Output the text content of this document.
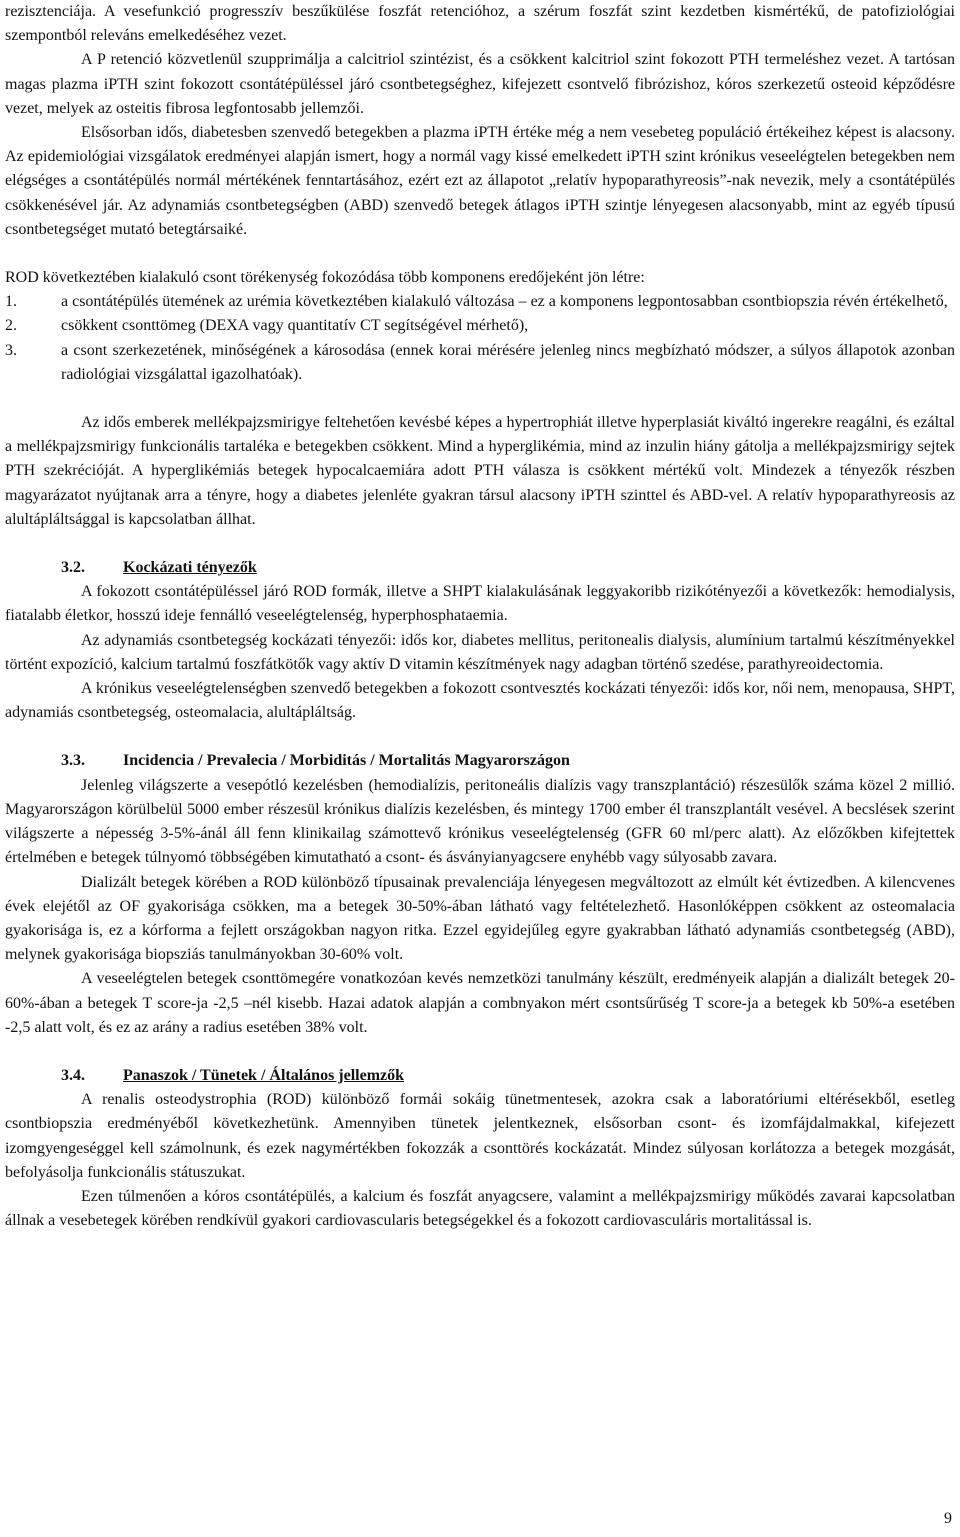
rezisztenciája. A vesefunkció progresszív beszűkülése foszfát retencióhoz, a szérum foszfát szint kezdetben kismértékű, de patofiziológiai szempontból releváns emelkedéséhez vezet.

A P retenció közvetlenül szupprimálja a calcitriol szintézist, és a csökkent kalcitriol szint fokozott PTH termeléshez vezet. A tartósan magas plazma iPTH szint fokozott csontátépüléssel járó csontbetegséghez, kifejezett csontvelő fibrózishoz, kóros szerkezetű osteoid képződésre vezet, melyek az osteitis fibrosa legfontosabb jellemzői.

Elsősorban idős, diabetesben szenvedő betegekben a plazma iPTH értéke még a nem vesebeteg populáció értékeihez képest is alacsony. Az epidemiológiai vizsgálatok eredményei alapján ismert, hogy a normál vagy kissé emelkedett iPTH szint krónikus veseelégtelen betegekben nem elégséges a csontátépülés normál mértékének fenntartásához, ezért ezt az állapotot „relatív hypoparathyreosis”-nak nevezik, mely a csontátépülés csökkenésével jár. Az adynamiás csontbetegségben (ABD) szenvedő betegek átlagos iPTH szintje lényegesen alacsonyabb, mint az egyéb típusú csontbetegséget mutató betegtársaiké.

ROD következtében kialakuló csont törékenység fokozódása több komponens eredőjeként jön létre:

1.	a csontátépülés ütemének az urémia következtében kialakuló változása – ez a komponens legpontosabban csontbiopszia révén értékelhető,
2.	csökkent csonttömeg (DEXA vagy quantitatív CT segítségével mérhető),
3.	a csont szerkezetének, minőségének a károsodása (ennek korai mérésére jelenleg nincs megbízható módszer, a súlyos állapotok azonban radiológiai vizsgálattal igazolhatóak).

Az idős emberek mellékpajzsmirigye feltehetően kevésbé képes a hypertrophiát illetve hyperplasiát kiváltó ingerekre reagálni, és ezáltal a mellékpajzsmirigy funkcionális tartaléka e betegekben csökkent. Mind a hyperglikémia, mind az inzulin hiány gátolja a mellékpajzsmirigy sejtek PTH szekrécióját. A hyperglikémiás betegek hypocalcaemiára adott PTH válasza is csökkent mértékű volt. Mindezek a tényezők részben magyarázatot nyújtanak arra a tényre, hogy a diabetes jelenléte gyakran társul alacsony iPTH szinttel és ABD-vel. A relatív hypoparathyreosis az alultápláltsággal is kapcsolatban állhat.

3.2. Kockázati tényezők

A fokozott csontátépüléssel járó ROD formák, illetve a SHPT kialakulásának leggyakoribb rizikótényezői a következők: hemodialysis, fiatalabb életkor, hosszú ideje fennálló veseelégtelenség, hyperphosphataemia.

Az adynamiás csontbetegség kockázati tényezői: idős kor, diabetes mellitus, peritonealis dialysis, alumínium tartalmú készítményekkel történt expozíció, kalcium tartalmú foszfátkötők vagy aktív D vitamin készítmények nagy adagban történő szedése, parathyreoidectomia.

A krónikus veseelégtelenségben szenvedő betegekben a fokozott csontvesztés kockázati tényezői: idős kor, női nem, menopausa, SHPT, adynamiás csontbetegség, osteomalacia, alultápláltság.

3.3. Incidencia / Prevalecia / Morbiditás / Mortalitás Magyarországon

Jelenleg világszerte a vesepótló kezelésben (hemodialízis, peritoneális dialízis vagy transzplantáció) részesülők száma közel 2 millió. Magyarországon körülbelül 5000 ember részesül krónikus dialízis kezelésben, és mintegy 1700 ember él transzplantált vesével. A becslések szerint világszerte a népesség 3-5%-ánál áll fenn klinikailag számottevő krónikus veseelégtelenség (GFR 60 ml/perc alatt). Az előzőkben kifejtettek értelmében e betegek túlnyomó többségében kimutatható a csont- és ásványianyagcsere enyhébb vagy súlyosabb zavara.

Dializált betegek körében a ROD különböző típusainak prevalenciája lényegesen megváltozott az elmúlt két évtizedben. A kilencvenes évek elejétől az OF gyakorisága csökken, ma a betegek 30-50%-ában látható vagy feltételezhető. Hasonlóképpen csökkent az osteomalacia gyakorisága is, ez a kórforma a fejlett országokban nagyon ritka. Ezzel egyidejűleg egyre gyakrabban látható adynamiás csontbetegség (ABD), melynek gyakorisága biopsziás tanulmányokban 30-60% volt.

A veseelégtelen betegek csonttömegére vonatkozóan kevés nemzetközi tanulmány készült, eredményeik alapján a dializált betegek 20-60%-ában a betegek T score-ja -2,5 –nél kisebb. Hazai adatok alapján a combnyakon mért csontsűrűség T score-ja a betegek kb 50%-a esetében -2,5 alatt volt, és ez az arány a radius esetében 38% volt.

3.4. Panaszok / Tünetek / Általános jellemzők

A renalis osteodystrophia (ROD) különböző formái sokáig tünetmentesek, azokra csak a laboratóriumi eltérésekből, esetleg csontbiopszia eredményéből következhetünk. Amennyiben tünetek jelentkeznek, elsősorban csont- és izomfájdalmakkal, kifejezett izomgyengeséggel kell számolnunk, és ezek nagymértékben fokozzák a csonttörés kockázatát. Mindez súlyosan korlátozza a betegek mozgását, befolyásolja funkcionális státuszukat.

Ezen túlmenően a kóros csontátépülés, a kalcium és foszfát anyagcsere, valamint a mellékpajzsmirigy működés zavarai kapcsolatban állnak a vesebetegek körében rendkívül gyakori cardiovascularis betegségekkel és a fokozott cardiovasculáris mortalitással is.

9
